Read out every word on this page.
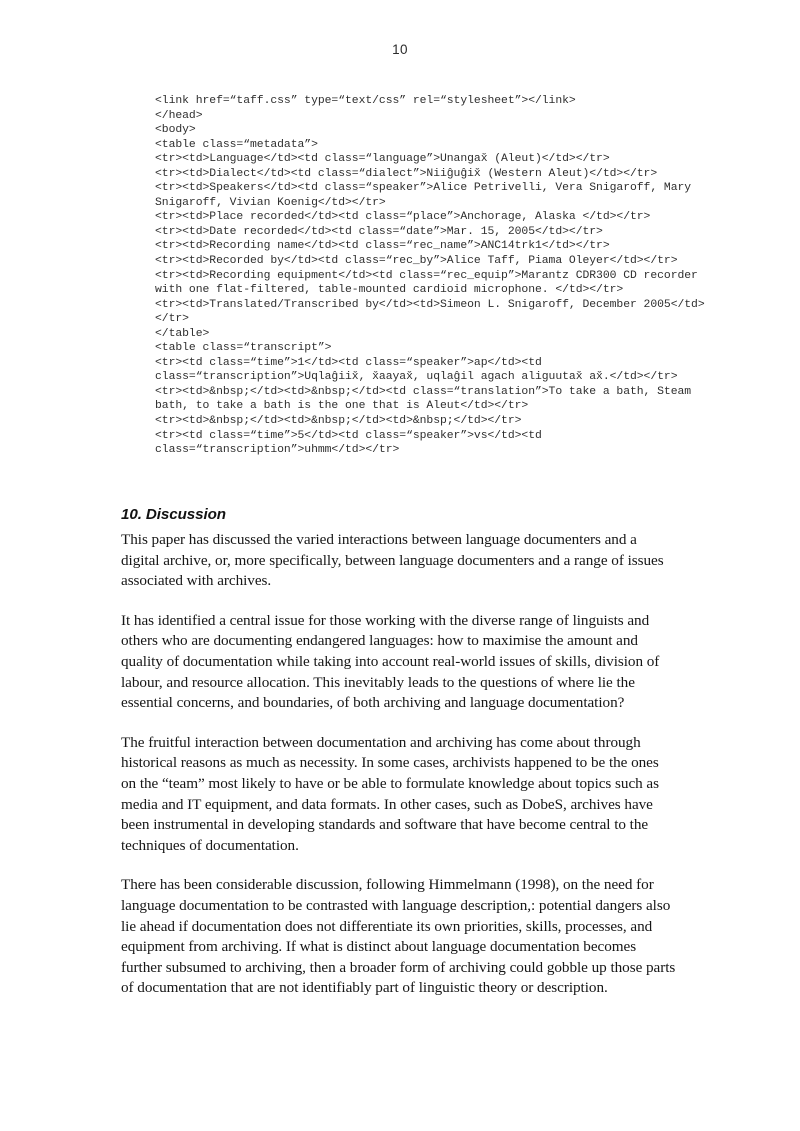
10
<link href=“taff.css” type=“text/css” rel=“stylesheet”></link>
</head>
<body>
<table class=“metadata”>
<tr><td>Language</td><td class=“language”>Unangax̌ (Aleut)</td></tr>
<tr><td>Dialect</td><td class=“dialect”>Niiĝuĝix̌ (Western Aleut)</td></tr>
<tr><td>Speakers</td><td class=“speaker”>Alice Petrivelli, Vera Snigaroff, Mary Snigaroff, Vivian Koenig</td></tr>
<tr><td>Place recorded</td><td class=“place”>Anchorage, Alaska </td></tr>
<tr><td>Date recorded</td><td class=“date”>Mar. 15, 2005</td></tr>
<tr><td>Recording name</td><td class=“rec_name”>ANC14trk1</td></tr>
<tr><td>Recorded by</td><td class=“rec_by”>Alice Taff, Piama Oleyer</td></tr>
<tr><td>Recording equipment</td><td class=“rec_equip”>Marantz CDR300 CD recorder with one flat-filtered, table-mounted cardioid microphone. </td></tr>
<tr><td>Translated/Transcribed by</td><td>Simeon L. Snigaroff, December 2005</td></tr>
</table>
<table class=“transcript”>
<tr><td class=“time”>1</td><td class=“speaker”>ap</td><td class=“transcription”>Uqlaĝiix̌, x̌aayax̌, uqlaĝil agach aliguutax̌ ax̌.</td></tr>
<tr><td>&nbsp;</td><td>&nbsp;</td><td class=“translation”>To take a bath, Steam bath, to take a bath is the one that is Aleut</td></tr>
<tr><td>&nbsp;</td><td>&nbsp;</td><td>&nbsp;</td></tr>
<tr><td class=“time”>5</td><td class=“speaker”>vs</td><td class=“transcription”>uhmm</td></tr>
10. Discussion

This paper has discussed the varied interactions between language documenters and a digital archive, or, more specifically, between language documenters and a range of issues associated with archives.

It has identified a central issue for those working with the diverse range of linguists and others who are documenting endangered languages: how to maximise the amount and quality of documentation while taking into account real-world issues of skills, division of labour, and resource allocation. This inevitably leads to the questions of where lie the essential concerns, and boundaries, of both archiving and language documentation?

The fruitful interaction between documentation and archiving has come about through historical reasons as much as necessity. In some cases, archivists happened to be the ones on the “team” most likely to have or be able to formulate knowledge about topics such as media and IT equipment, and data formats. In other cases, such as DobeS, archives have been instrumental in developing standards and software that have become central to the techniques of documentation.

There has been considerable discussion, following Himmelmann (1998), on the need for language documentation to be contrasted with language description,: potential dangers also lie ahead if documentation does not differentiate its own priorities, skills, processes, and equipment from archiving. If what is distinct about language documentation becomes further subsumed to archiving, then a broader form of archiving could gobble up those parts of documentation that are not identifiably part of linguistic theory or description.
